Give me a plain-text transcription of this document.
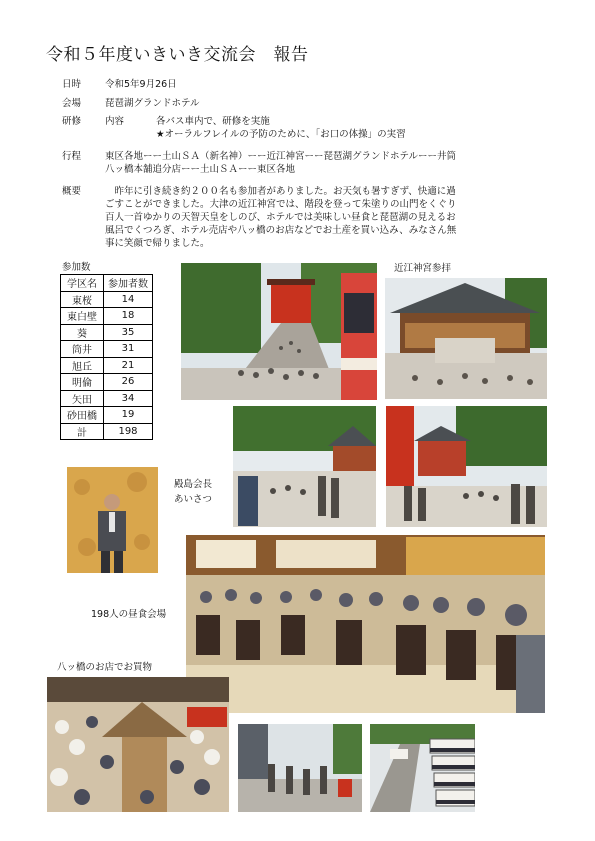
令和５年度いきいき交流会　報告
日時	令和5年9月26日
会場	琵琶湖グランドホテル
研修	内容	各バス車内で、研修を実施
★オーラルフレイルの予防のために、「お口の体操」の実習
行程	東区各地ーー土山ＳＡ（新名神）ーー近江神宮ーー琵琶湖グランドホテルーー井筒
八ッ橋本舗追分店ーー土山ＳＡーー東区各地
概要	　昨年に引き続き約２００名も参加者がありました。お天気も暑すぎず、快適に過
ごすことができました。大津の近江神宮では、階段を登って朱塗りの山門をくぐり
百人一首ゆかりの天智天皇をしのび、ホテルでは美味しい昼食と琵琶湖の見えるお
風呂でくつろぎ、ホテル売店や八ッ橋のお店などでお土産を買い込み、みなさん無
事に笑顔で帰りました。
参加数
学区名	参加者数
東桜	14
東白壁	18
葵	35
筒井	31
旭丘	21
明倫	26
矢田	34
砂田橋	19
計	198
近江神宮参拝
殿島会長
あいさつ
198人の昼食会場
八ッ橋のお店でお買物
